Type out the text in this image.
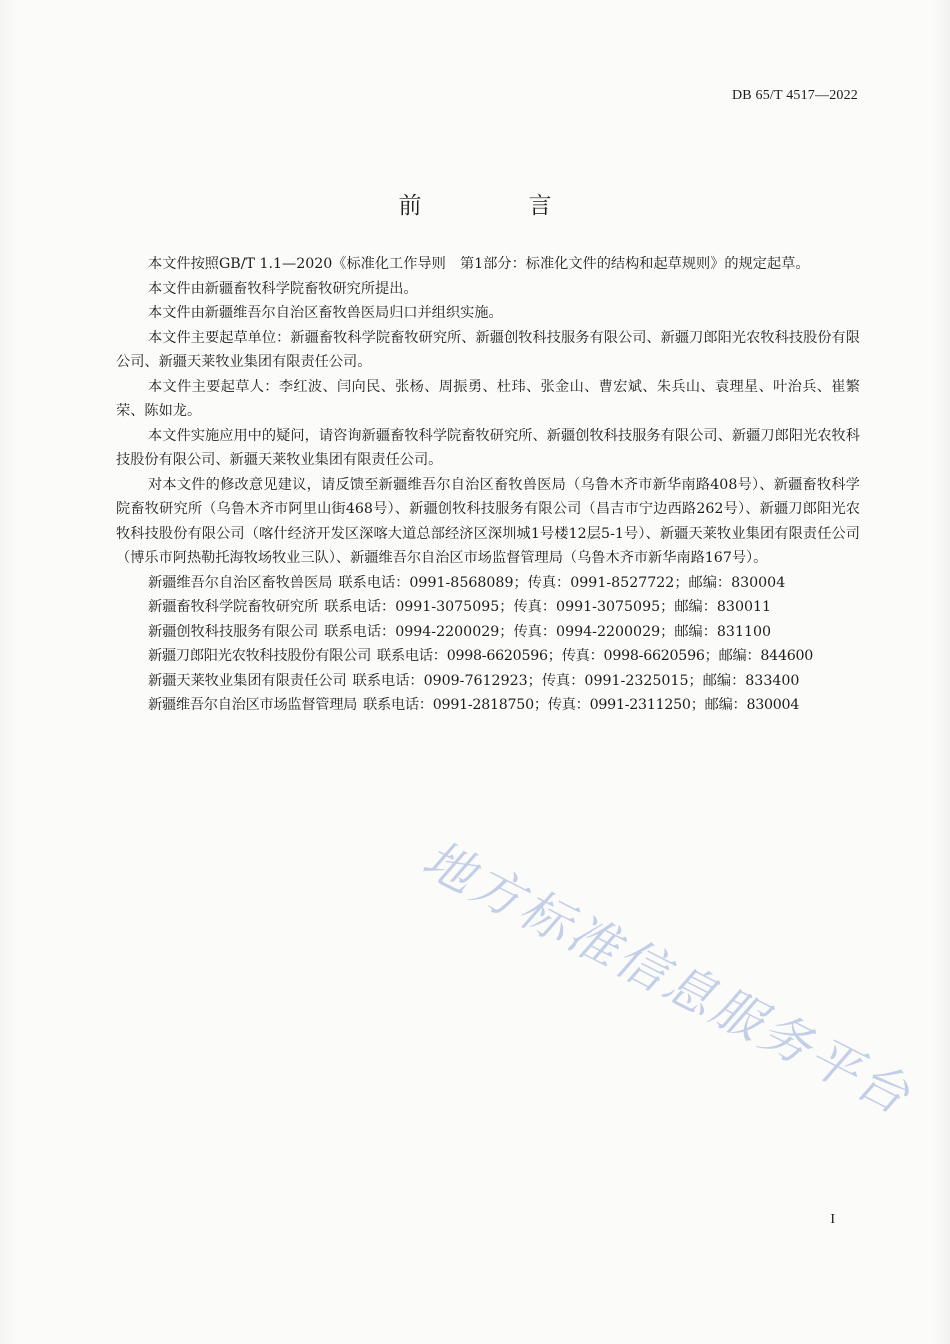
DB 65/T 4517—2022
前　言

本文件按照GB/T 1.1—2020《标准化工作导则　第1部分：标准化文件的结构和起草规则》的规定起草。

本文件由新疆畜牧科学院畜牧研究所提出。

本文件由新疆维吾尔自治区畜牧兽医局归口并组织实施。

本文件主要起草单位：新疆畜牧科学院畜牧研究所、新疆创牧科技服务有限公司、新疆刀郎阳光农牧科技股份有限公司、新疆天莱牧业集团有限责任公司。

本文件主要起草人：李红波、闫向民、张杨、周振勇、杜玮、张金山、曹宏斌、朱兵山、袁理星、叶治兵、崔繁荣、陈如龙。

本文件实施应用中的疑问，请咨询新疆畜牧科学院畜牧研究所、新疆创牧科技服务有限公司、新疆刀郎阳光农牧科技股份有限公司、新疆天莱牧业集团有限责任公司。

对本文件的修改意见建议，请反馈至新疆维吾尔自治区畜牧兽医局（乌鲁木齐市新华南路408号）、新疆畜牧科学院畜牧研究所（乌鲁木齐市阿里山街468号）、新疆创牧科技服务有限公司（昌吉市宁边西路262号）、新疆刀郎阳光农牧科技股份有限公司（喀什经济开发区深喀大道总部经济区深圳城1号楼12层5-1号）、新疆天莱牧业集团有限责任公司（博乐市阿热勒托海牧场牧业三队）、新疆维吾尔自治区市场监督管理局（乌鲁木齐市新华南路167号）。

新疆维吾尔自治区畜牧兽医局 联系电话：0991-8568089；传真：0991-8527722；邮编：830004
新疆畜牧科学院畜牧研究所 联系电话：0991-3075095；传真：0991-3075095；邮编：830011
新疆创牧科技服务有限公司 联系电话：0994-2200029；传真：0994-2200029；邮编：831100
新疆刀郎阳光农牧科技股份有限公司 联系电话：0998-6620596；传真：0998-6620596；邮编：844600
新疆天莱牧业集团有限责任公司 联系电话：0909-7612923；传真：0991-2325015；邮编：833400
新疆维吾尔自治区市场监督管理局 联系电话：0991-2818750；传真：0991-2311250；邮编：830004
地方标准信息服务平台
I
